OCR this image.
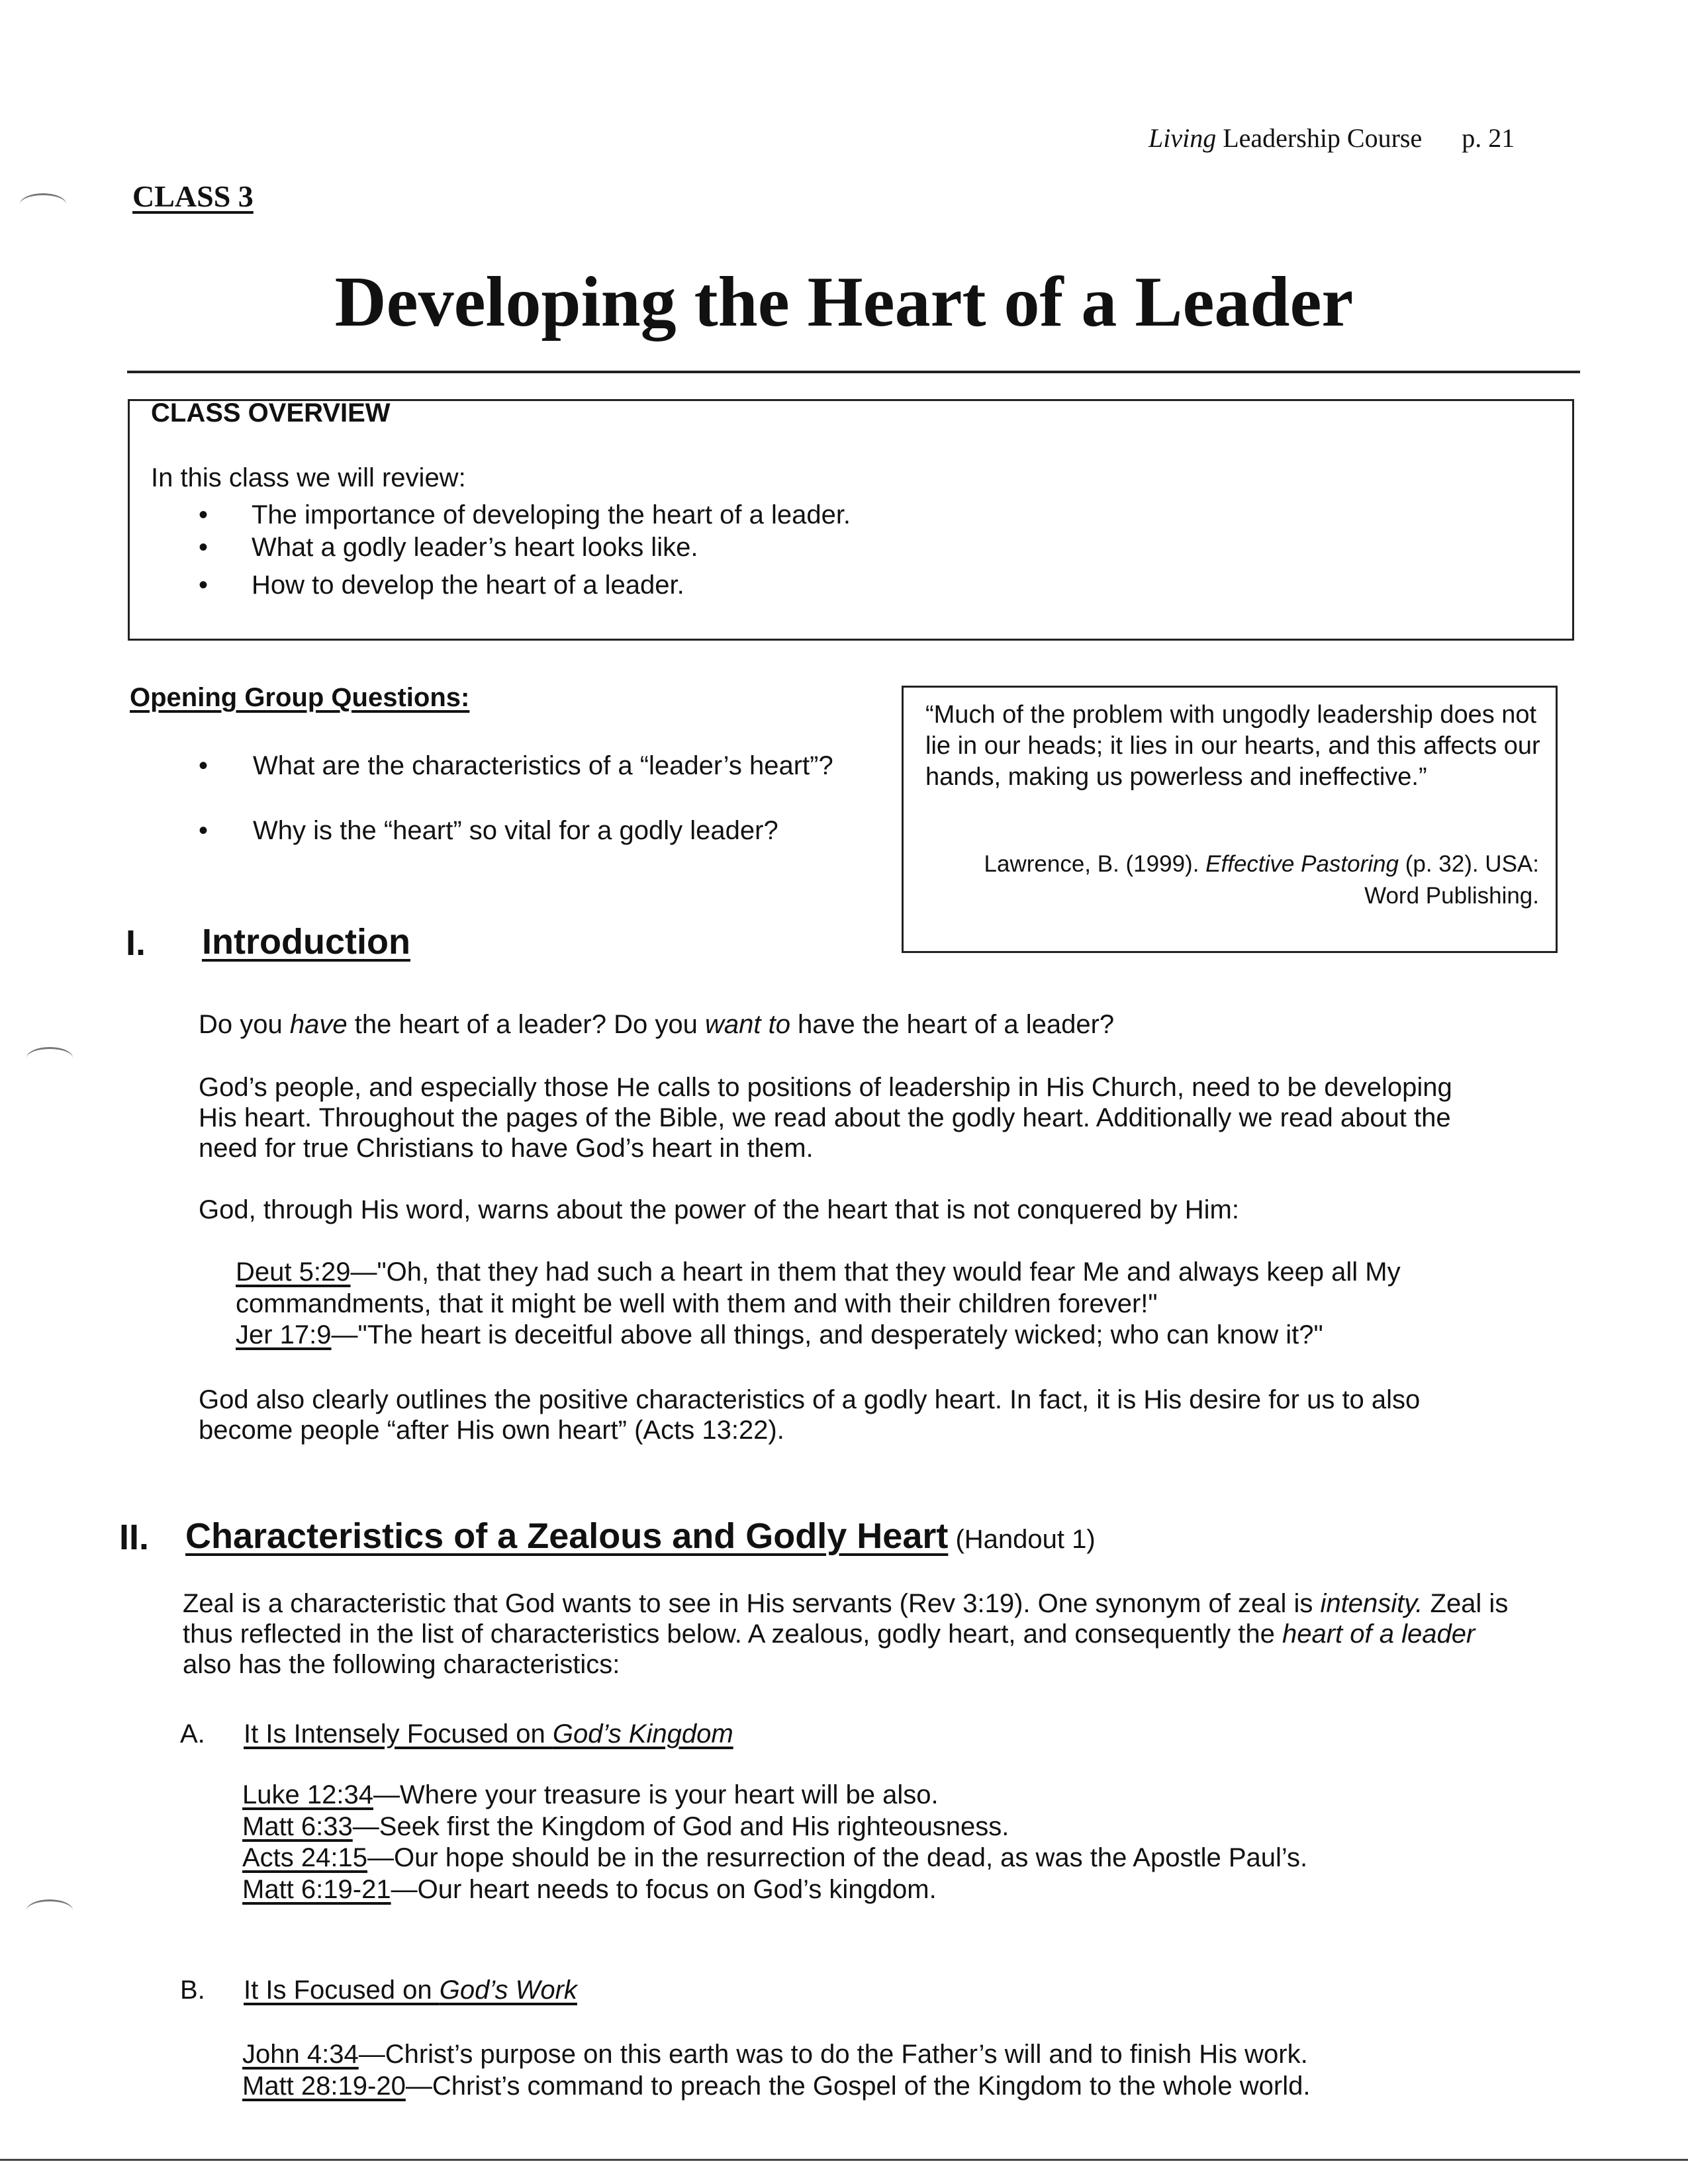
Living Leadership Course p. 21
CLASS 3
Developing the Heart of a Leader
CLASS OVERVIEW
In this class we will review:
• The importance of developing the heart of a leader.
• What a godly leader’s heart looks like.
• How to develop the heart of a leader.
Opening Group Questions:
• What are the characteristics of a “leader’s heart”?
• Why is the “heart” so vital for a godly leader?
“Much of the problem with ungodly leadership does not lie in our heads; it lies in our hearts, and this affects our hands, making us powerless and ineffective.”
Lawrence, B. (1999). Effective Pastoring (p. 32). USA:
Word Publishing.
I. Introduction
Do you have the heart of a leader? Do you want to have the heart of a leader?
God’s people, and especially those He calls to positions of leadership in His Church, need to be developing His heart. Throughout the pages of the Bible, we read about the godly heart. Additionally we read about the need for true Christians to have God’s heart in them.
God, through His word, warns about the power of the heart that is not conquered by Him:
Deut 5:29—"Oh, that they had such a heart in them that they would fear Me and always keep all My
commandments, that it might be well with them and with their children forever!"
Jer 17:9—"The heart is deceitful above all things, and desperately wicked; who can know it?"
God also clearly outlines the positive characteristics of a godly heart. In fact, it is His desire for us to also become people “after His own heart” (Acts 13:22).
II. Characteristics of a Zealous and Godly Heart (Handout 1)
Zeal is a characteristic that God wants to see in His servants (Rev 3:19). One synonym of zeal is intensity. Zeal is thus reflected in the list of characteristics below. A zealous, godly heart, and consequently the heart of a leader also has the following characteristics:
A. It Is Intensely Focused on God’s Kingdom
Luke 12:34—Where your treasure is your heart will be also.
Matt 6:33—Seek first the Kingdom of God and His righteousness.
Acts 24:15—Our hope should be in the resurrection of the dead, as was the Apostle Paul’s.
Matt 6:19-21—Our heart needs to focus on God’s kingdom.
B. It Is Focused on God’s Work
John 4:34—Christ’s purpose on this earth was to do the Father’s will and to finish His work.
Matt 28:19-20—Christ’s command to preach the Gospel of the Kingdom to the whole world.
